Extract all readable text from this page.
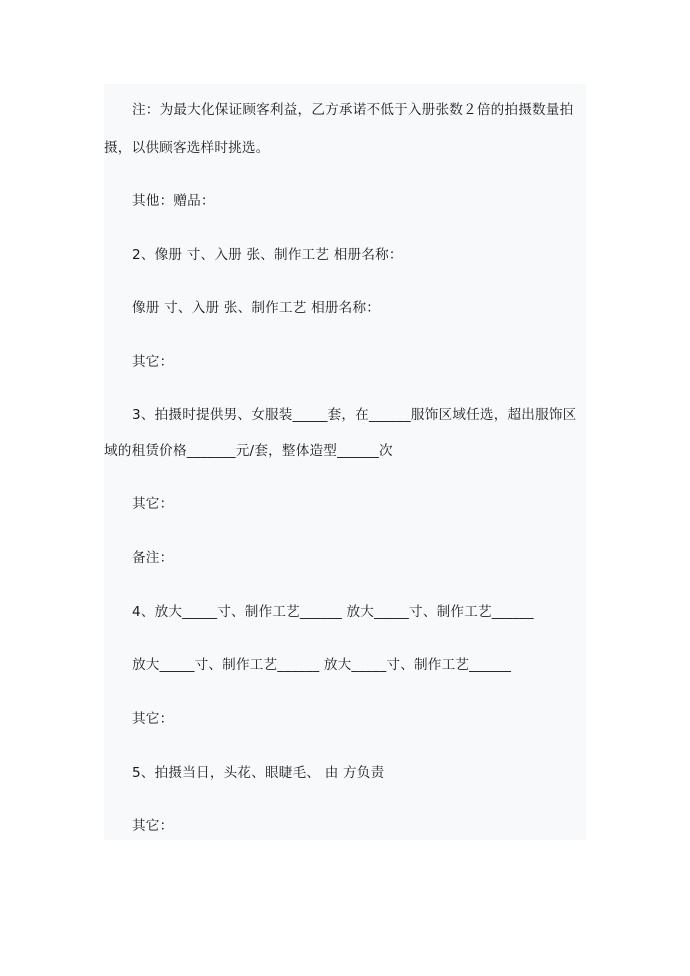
注：为最大化保证顾客利益，乙方承诺不低于入册张数２倍的拍摄数量拍
摄，以供顾客选样时挑选。
其他：赠品：
2、像册 寸、入册 张、制作工艺 相册名称：
像册 寸、入册 张、制作工艺 相册名称：
其它：
3、拍摄时提供男、女服装_____套，在______服饰区域任选，超出服饰区
域的租赁价格_______元/套，整体造型______次
其它：
备注：
4、放大_____寸、制作工艺______ 放大_____寸、制作工艺______
放大_____寸、制作工艺______ 放大_____寸、制作工艺______
其它：
5、拍摄当日，头花、眼睫毛、 由 方负责
其它：
